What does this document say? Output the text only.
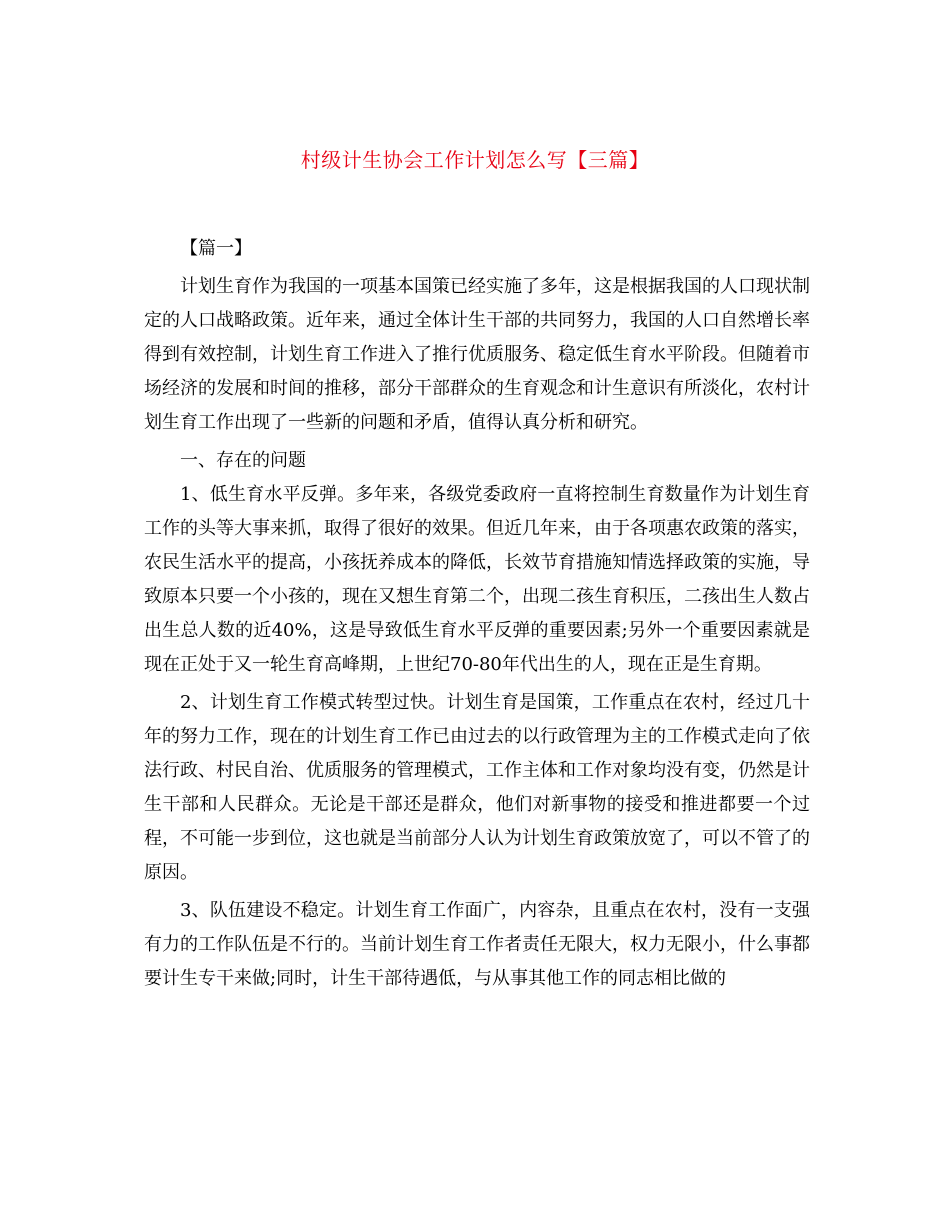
村级计生协会工作计划怎么写【三篇】

【篇一】

计划生育作为我国的一项基本国策已经实施了多年，这是根据我国的人口现状制定的人口战略政策。近年来，通过全体计生干部的共同努力，我国的人口自然增长率得到有效控制，计划生育工作进入了推行优质服务、稳定低生育水平阶段。但随着市场经济的发展和时间的推移，部分干部群众的生育观念和计生意识有所淡化，农村计划生育工作出现了一些新的问题和矛盾，值得认真分析和研究。

一、存在的问题

1、低生育水平反弹。多年来，各级党委政府一直将控制生育数量作为计划生育工作的头等大事来抓，取得了很好的效果。但近几年来，由于各项惠农政策的落实，农民生活水平的提高，小孩抚养成本的降低，长效节育措施知情选择政策的实施，导致原本只要一个小孩的，现在又想生育第二个，出现二孩生育积压，二孩出生人数占出生总人数的近40%，这是导致低生育水平反弹的重要因素;另外一个重要因素就是现在正处于又一轮生育高峰期，上世纪70-80年代出生的人，现在正是生育期。

2、计划生育工作模式转型过快。计划生育是国策，工作重点在农村，经过几十年的努力工作，现在的计划生育工作已由过去的以行政管理为主的工作模式走向了依法行政、村民自治、优质服务的管理模式，工作主体和工作对象均没有变，仍然是计生干部和人民群众。无论是干部还是群众，他们对新事物的接受和推进都要一个过程，不可能一步到位，这也就是当前部分人认为计划生育政策放宽了，可以不管了的原因。

3、队伍建设不稳定。计划生育工作面广，内容杂，且重点在农村，没有一支强有力的工作队伍是不行的。当前计划生育工作者责任无限大，权力无限小，什么事都要计生专干来做;同时，计生干部待遇低，与从事其他工作的同志相比做的
